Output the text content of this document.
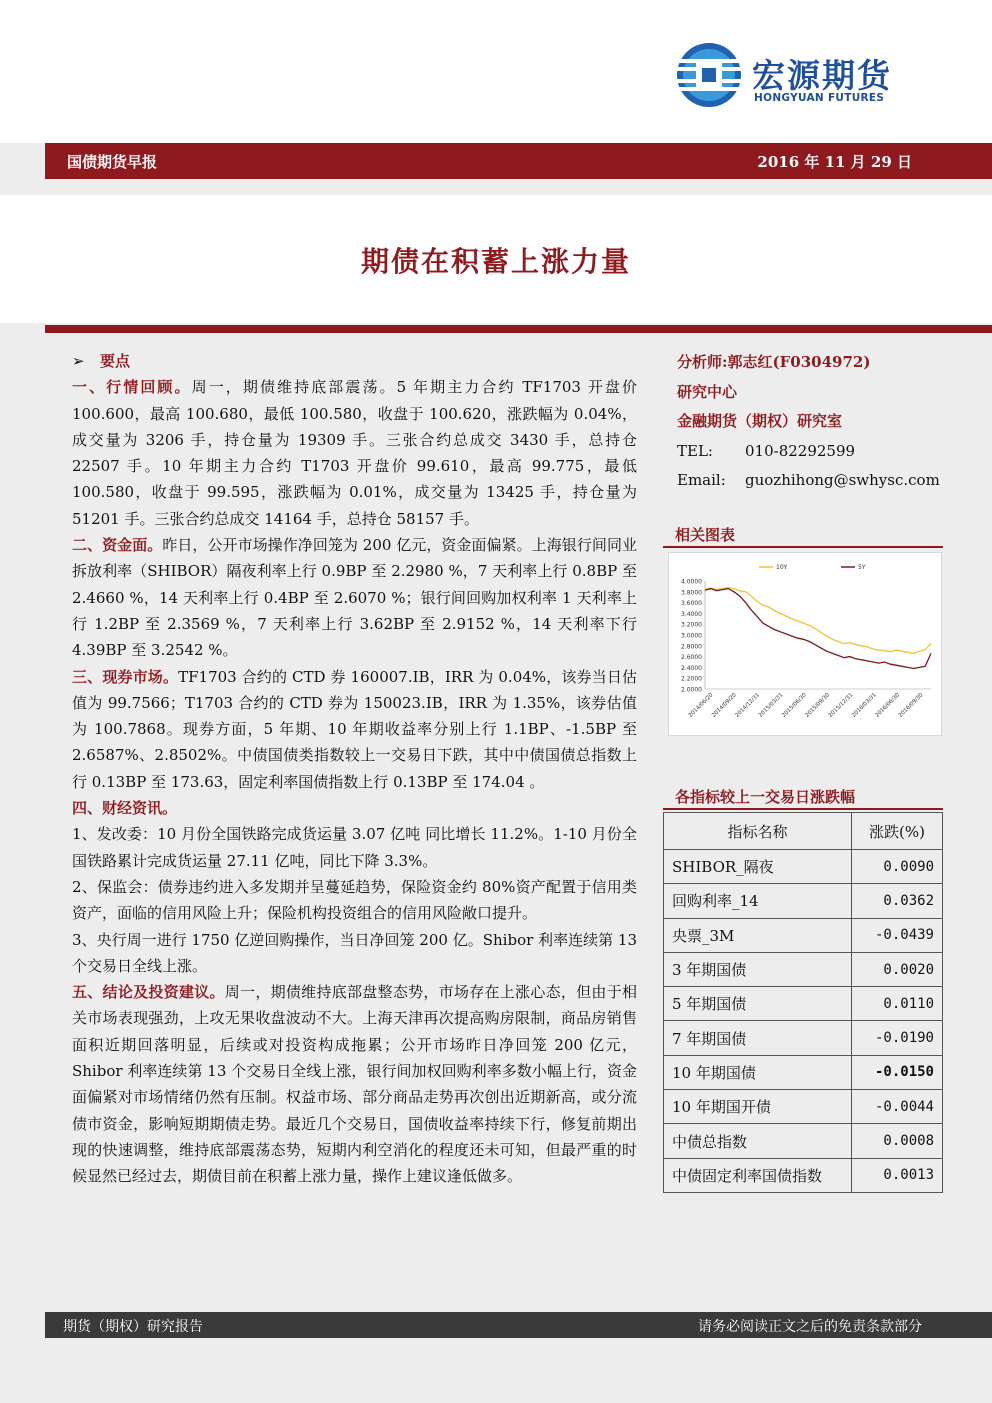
宏源期货
HONGYUAN FUTURES
国债期货早报	2016 年 11 月 29 日
期债在积蓄上涨力量

➢ 要点

一、行情回顾。周一，期债维持底部震荡。5 年期主力合约 TF1703 开盘价 100.600，最高 100.680，最低 100.580，收盘于 100.620，涨跌幅为 0.04%，成交量为 3206 手，持仓量为 19309 手。三张合约总成交 3430 手，总持仓 22507 手。10 年期主力合约 T1703 开盘价 99.610，最高 99.775，最低 100.580，收盘于 99.595，涨跌幅为 0.01%，成交量为 13425 手，持仓量为 51201 手。三张合约总成交 14164 手，总持仓 58157 手。

二、资金面。昨日，公开市场操作净回笼为 200 亿元，资金面偏紧。上海银行间同业拆放利率（SHIBOR）隔夜利率上行 0.9BP 至 2.2980 %，7 天利率上行 0.8BP 至 2.4660 %，14 天利率上行 0.4BP 至 2.6070 %；银行间回购加权利率 1 天利率上行 1.2BP 至 2.3569 %，7 天利率上行 3.62BP 至 2.9152 %，14 天利率下行 4.39BP 至 3.2542 %。

三、现券市场。TF1703 合约的 CTD 券 160007.IB，IRR 为 0.04%，该券当日估值为 99.7566；T1703 合约的 CTD 券为 150023.IB，IRR 为 1.35%，该券估值为 100.7868。现券方面，5 年期、10 年期收益率分别上行 1.1BP、-1.5BP 至 2.6587%、2.8502%。中债国债类指数较上一交易日下跌，其中中债国债总指数上行 0.13BP 至 173.63，固定利率国债指数上行 0.13BP 至 174.04 。

四、财经资讯。

1、发改委：10 月份全国铁路完成货运量 3.07 亿吨 同比增长 11.2%。1-10 月份全国铁路累计完成货运量 27.11 亿吨，同比下降 3.3%。

2、保监会：债券违约进入多发期并呈蔓延趋势，保险资金约 80%资产配置于信用类资产，面临的信用风险上升；保险机构投资组合的信用风险敞口提升。

3、央行周一进行 1750 亿逆回购操作，当日净回笼 200 亿。Shibor 利率连续第 13 个交易日全线上涨。

五、结论及投资建议。周一，期债维持底部盘整态势，市场存在上涨心态，但由于相关市场表现强劲，上攻无果收盘波动不大。上海天津再次提高购房限制，商品房销售面积近期回落明显，后续或对投资构成拖累；公开市场昨日净回笼 200 亿元，Shibor 利率连续第 13 个交易日全线上涨，银行间加权回购利率多数小幅上行，资金面偏紧对市场情绪仍然有压制。权益市场、部分商品走势再次创出近期新高，或分流债市资金，影响短期期债走势。最近几个交易日，国债收益率持续下行，修复前期出现的快速调整，维持底部震荡态势，短期内利空消化的程度还未可知，但最严重的时候显然已经过去，期债目前在积蓄上涨力量，操作上建议逢低做多。

分析师:郭志红(F0304972)
研究中心
金融期货（期权）研究室
TEL: 010-82292599
Email: guozhihong@swhysc.com
相关图表
4.0000
3.8000
3.6000
3.4000
3.2000
3.0000
2.8000
2.6000
2.4000
2.2000
2.0000
2014/06/20
2014/09/20
2014/12/31
2015/03/31
2015/06/30
2015/09/30
2015/12/31
2016/03/31
2016/06/30
2016/09/30
10Y	5Y
各指标较上一交易日涨跌幅
指标名称	涨跌(%)
SHIBOR_隔夜	0.0090
回购利率_14	0.0362
央票_3M	-0.0439
3 年期国债	0.0020
5 年期国债	0.0110
7 年期国债	-0.0190
10 年期国债	-0.0150
10 年期国开债	-0.0044
中债总指数	0.0008
中债固定利率国债指数	0.0013
期货（期权）研究报告	请务必阅读正文之后的免责条款部分
